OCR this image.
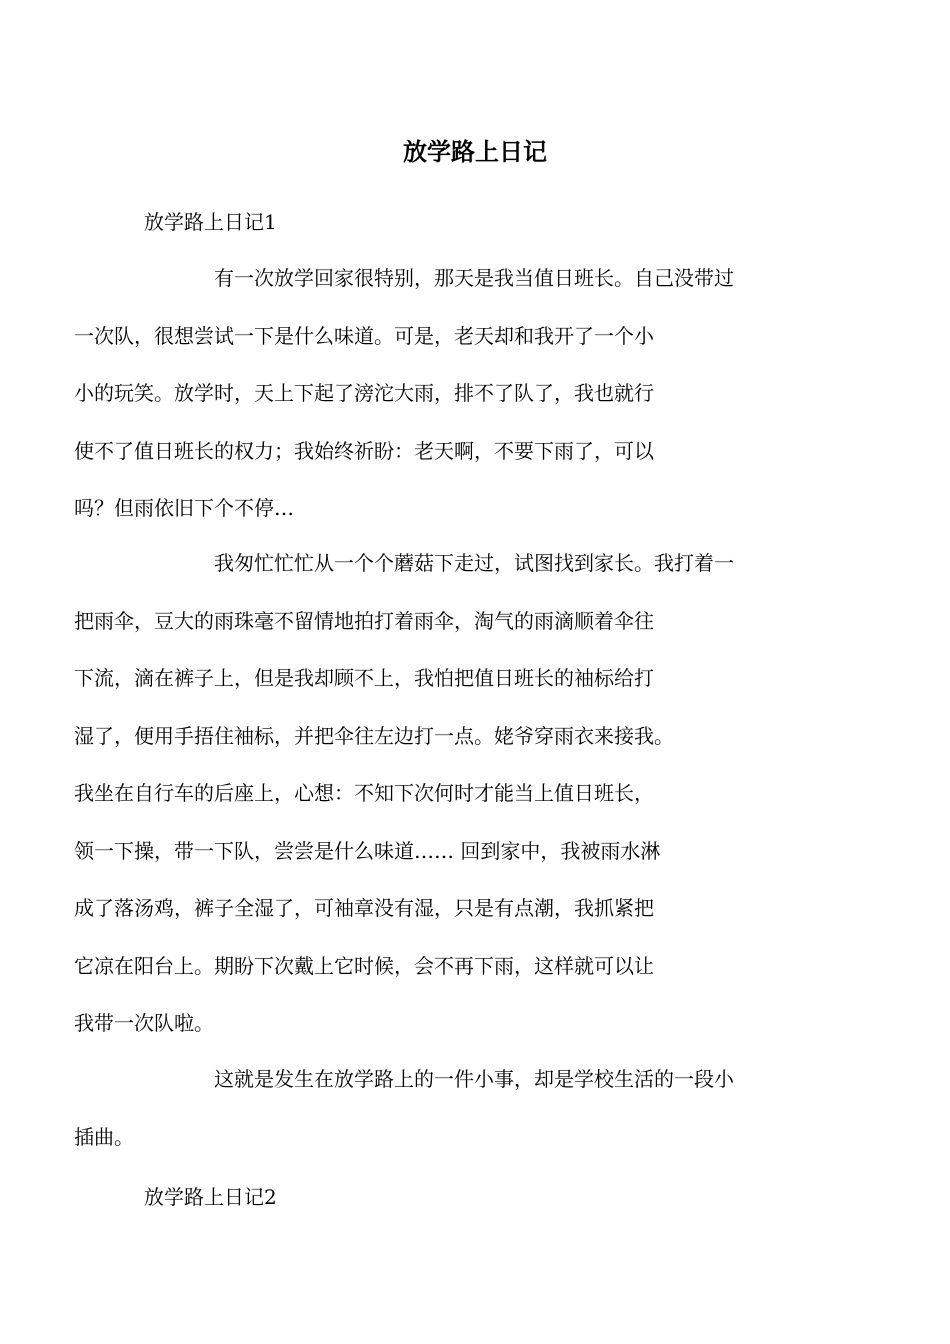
放学路上日记
放学路上日记1
有一次放学回家很特别，那天是我当值日班长。自己没带过
一次队，很想尝试一下是什么味道。可是，老天却和我开了一个小
小的玩笑。放学时，天上下起了滂沱大雨，排不了队了，我也就行
使不了值日班长的权力；我始终祈盼：老天啊，不要下雨了，可以
吗？但雨依旧下个不停…
我匆忙忙忙从一个个蘑菇下走过，试图找到家长。我打着一
把雨伞，豆大的雨珠毫不留情地拍打着雨伞，淘气的雨滴顺着伞往
下流，滴在裤子上，但是我却顾不上，我怕把值日班长的袖标给打
湿了，便用手捂住袖标，并把伞往左边打一点。姥爷穿雨衣来接我。
我坐在自行车的后座上，心想：不知下次何时才能当上值日班长，
领一下操，带一下队，尝尝是什么味道…… 回到家中，我被雨水淋
成了落汤鸡，裤子全湿了，可袖章没有湿，只是有点潮，我抓紧把
它凉在阳台上。期盼下次戴上它时候，会不再下雨，这样就可以让
我带一次队啦。
这就是发生在放学路上的一件小事，却是学校生活的一段小
插曲。
放学路上日记2
